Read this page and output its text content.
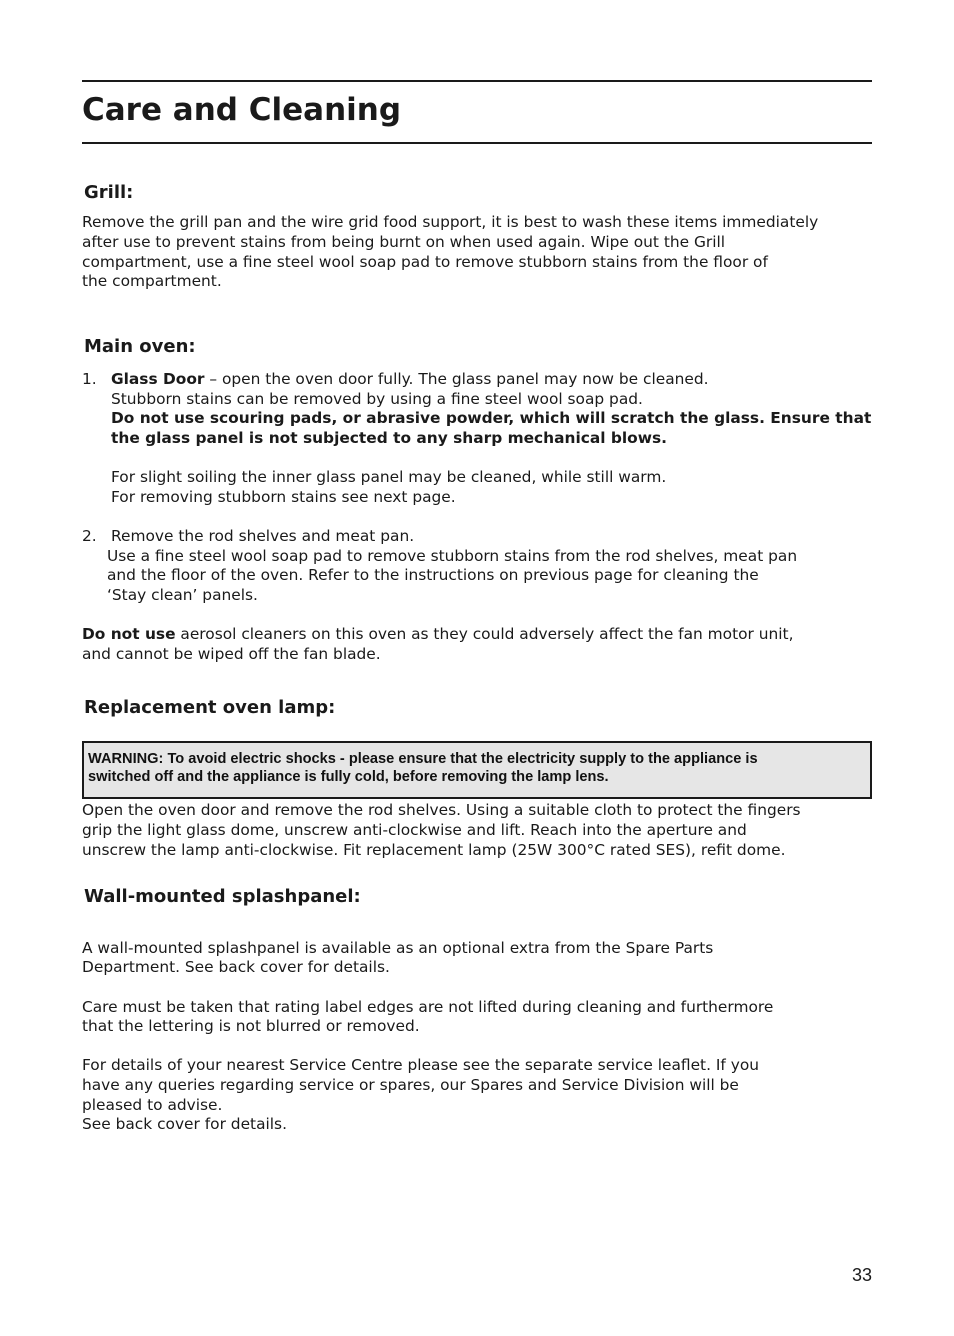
Care and Cleaning
Grill:

Remove the grill pan and the wire grid food support, it is best to wash these items immediately

after use to prevent stains from being burnt on when used again. Wipe out the Grill

compartment, use a fine steel wool soap pad to remove stubborn stains from the floor of

the compartment.

Main oven:

1. Glass Door – open the oven door fully. The glass panel may now be cleaned.

Stubborn stains can be removed by using a fine steel wool soap pad.

Do not use scouring pads, or abrasive powder, which will scratch the glass. Ensure that

the glass panel is not subjected to any sharp mechanical blows.

For slight soiling the inner glass panel may be cleaned, while still warm.

For removing stubborn stains see next page.

2. Remove the rod shelves and meat pan.

Use a fine steel wool soap pad to remove stubborn stains from the rod shelves, meat pan

and the floor of the oven. Refer to the instructions on previous page for cleaning the

‘Stay clean’ panels.

Do not use aerosol cleaners on this oven as they could adversely affect the fan motor unit,

and cannot be wiped off the fan blade.

Replacement oven lamp:

WARNING: To avoid electric shocks - please ensure that the electricity supply to the appliance is
switched off and the appliance is fully cold, before removing the lamp lens.

Open the oven door and remove the rod shelves. Using a suitable cloth to protect the fingers

grip the light glass dome, unscrew anti-clockwise and lift. Reach into the aperture and

unscrew the lamp anti-clockwise. Fit replacement lamp (25W 300°C rated SES), refit dome.

Wall-mounted splashpanel:

A wall-mounted splashpanel is available as an optional extra from the Spare Parts

Department. See back cover for details.

Care must be taken that rating label edges are not lifted during cleaning and furthermore

that the lettering is not blurred or removed.

For details of your nearest Service Centre please see the separate service leaflet. If you

have any queries regarding service or spares, our Spares and Service Division will be

pleased to advise.

See back cover for details.

33
